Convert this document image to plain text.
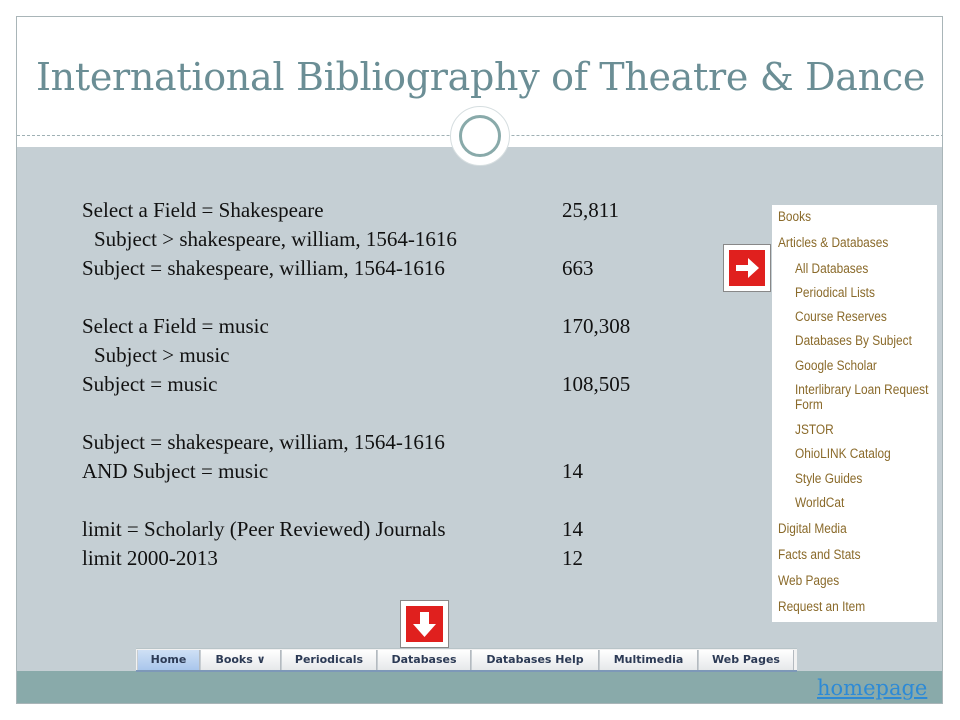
International Bibliography of Theatre & Dance
Select a Field = Shakespeare	25,811
Subject > shakespeare, william, 1564-1616
Subject = shakespeare, william, 1564-1616	663
Select a Field = music	170,308
Subject > music
Subject = music	108,505
Subject = shakespeare, william, 1564-1616
AND Subject = music	14
limit = Scholarly (Peer Reviewed) Journals	14
limit 2000-2013	12
Books
Articles & Databases
All Databases
Periodical Lists
Course Reserves
Databases By Subject
Google Scholar
Interlibrary Loan Request Form
JSTOR
OhioLINK Catalog
Style Guides
WorldCat
Digital Media
Facts and Stats
Web Pages
Request an Item
Home	Books ∨	Periodicals	Databases	Databases Help	Multimedia	Web Pages
homepage
